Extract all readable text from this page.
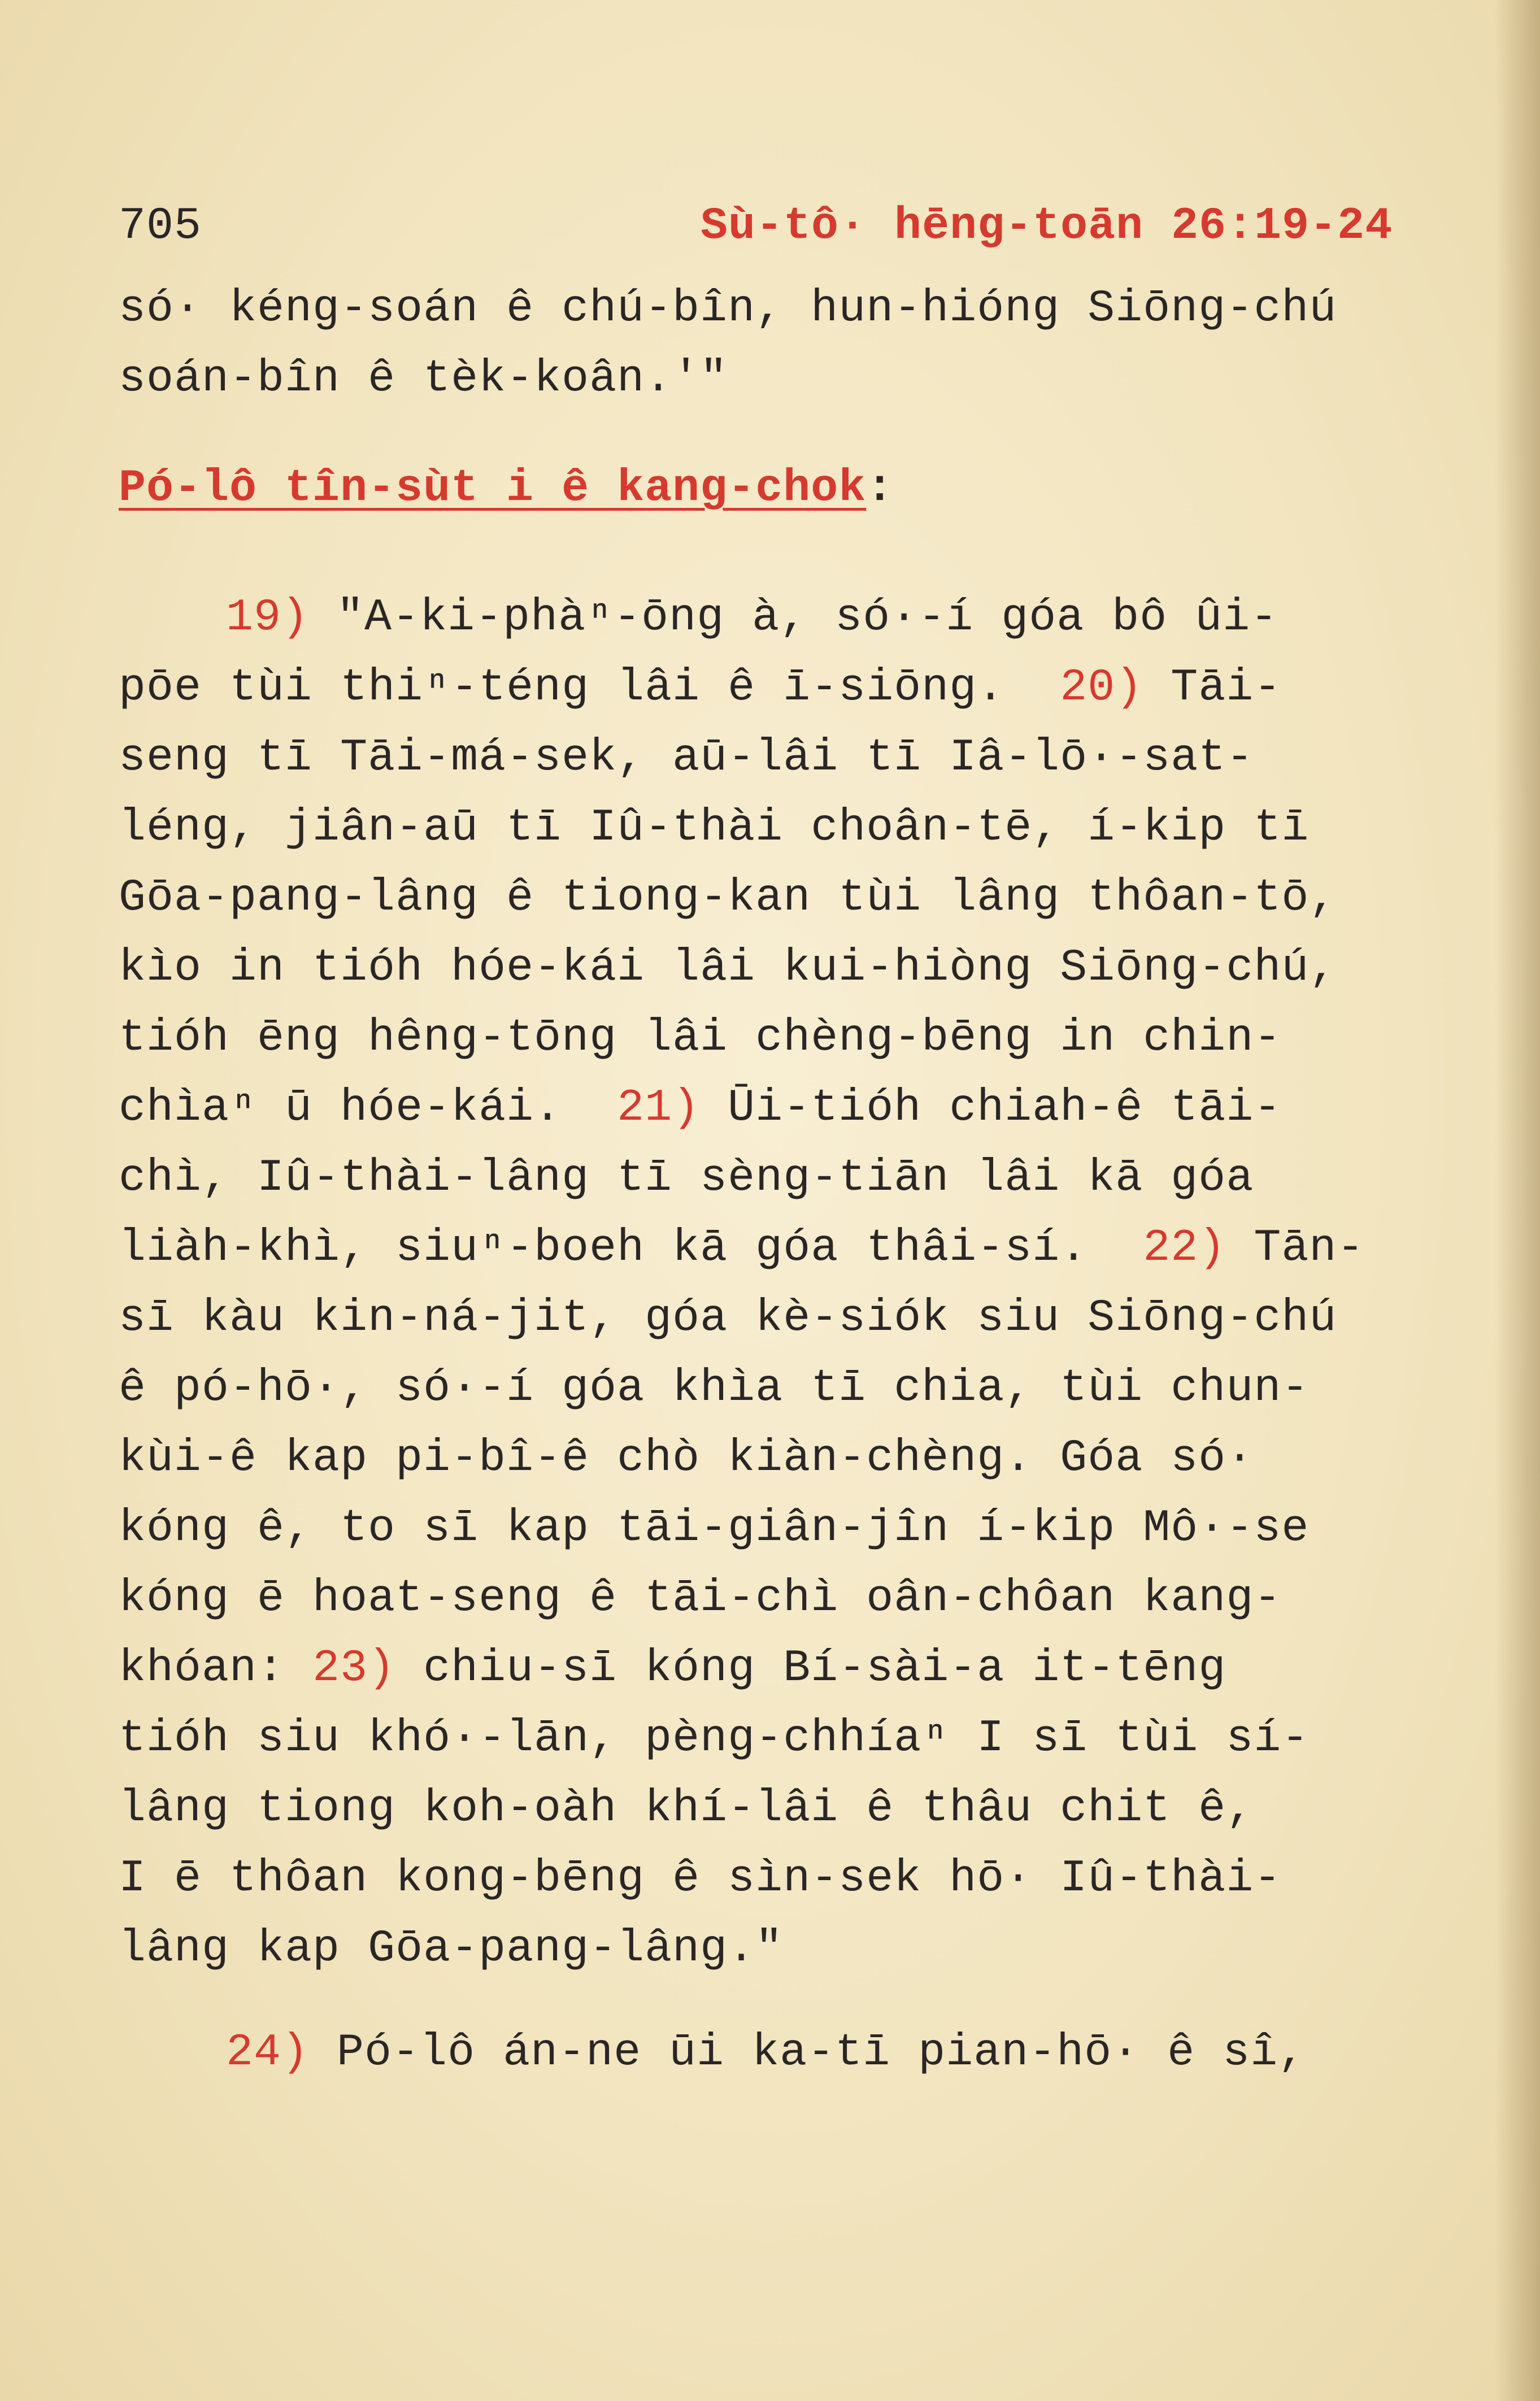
705	Sù-tô· hēng-toān 26:19-24
só· kéng-soán ê chú-bîn, hun-hióng Siōng-chú
soán-bîn ê tèk-koân.'"
Pó-lô tîn-sùt i ê kang-chok:
19) "A-ki-phàⁿ-ōng à, só·-í góa bô ûi-
pōe tùi thiⁿ-téng lâi ê ī-siōng.  20) Tāi-
seng tī Tāi-má-sek, aū-lâi tī Iâ-lō·-sat-
léng, jiân-aū tī Iû-thài choân-tē, í-kip tī
Gōa-pang-lâng ê tiong-kan tùi lâng thôan-tō,
kìo in tióh hóe-kái lâi kui-hiòng Siōng-chú,
tióh ēng hêng-tōng lâi chèng-bēng in chin-
chìaⁿ ū hóe-kái.  21) Ūi-tióh chiah-ê tāi-
chì, Iû-thài-lâng tī sèng-tiān lâi kā góa
liàh-khì, siuⁿ-boeh kā góa thâi-sí.  22) Tān-
sī kàu kin-ná-jit, góa kè-siók siu Siōng-chú
ê pó-hō·, só·-í góa khìa tī chia, tùi chun-
kùi-ê kap pi-bî-ê chò kiàn-chèng. Góa só·
kóng ê, to sī kap tāi-giân-jîn í-kip Mô·-se
kóng ē hoat-seng ê tāi-chì oân-chôan kang-
khóan: 23) chiu-sī kóng Bí-sài-a it-tēng
tióh siu khó·-lān, pèng-chhíaⁿ I sī tùi sí-
lâng tiong koh-oàh khí-lâi ê thâu chit ê,
I ē thôan kong-bēng ê sìn-sek hō· Iû-thài-
lâng kap Gōa-pang-lâng."
24) Pó-lô án-ne ūi ka-tī pian-hō· ê sî,
